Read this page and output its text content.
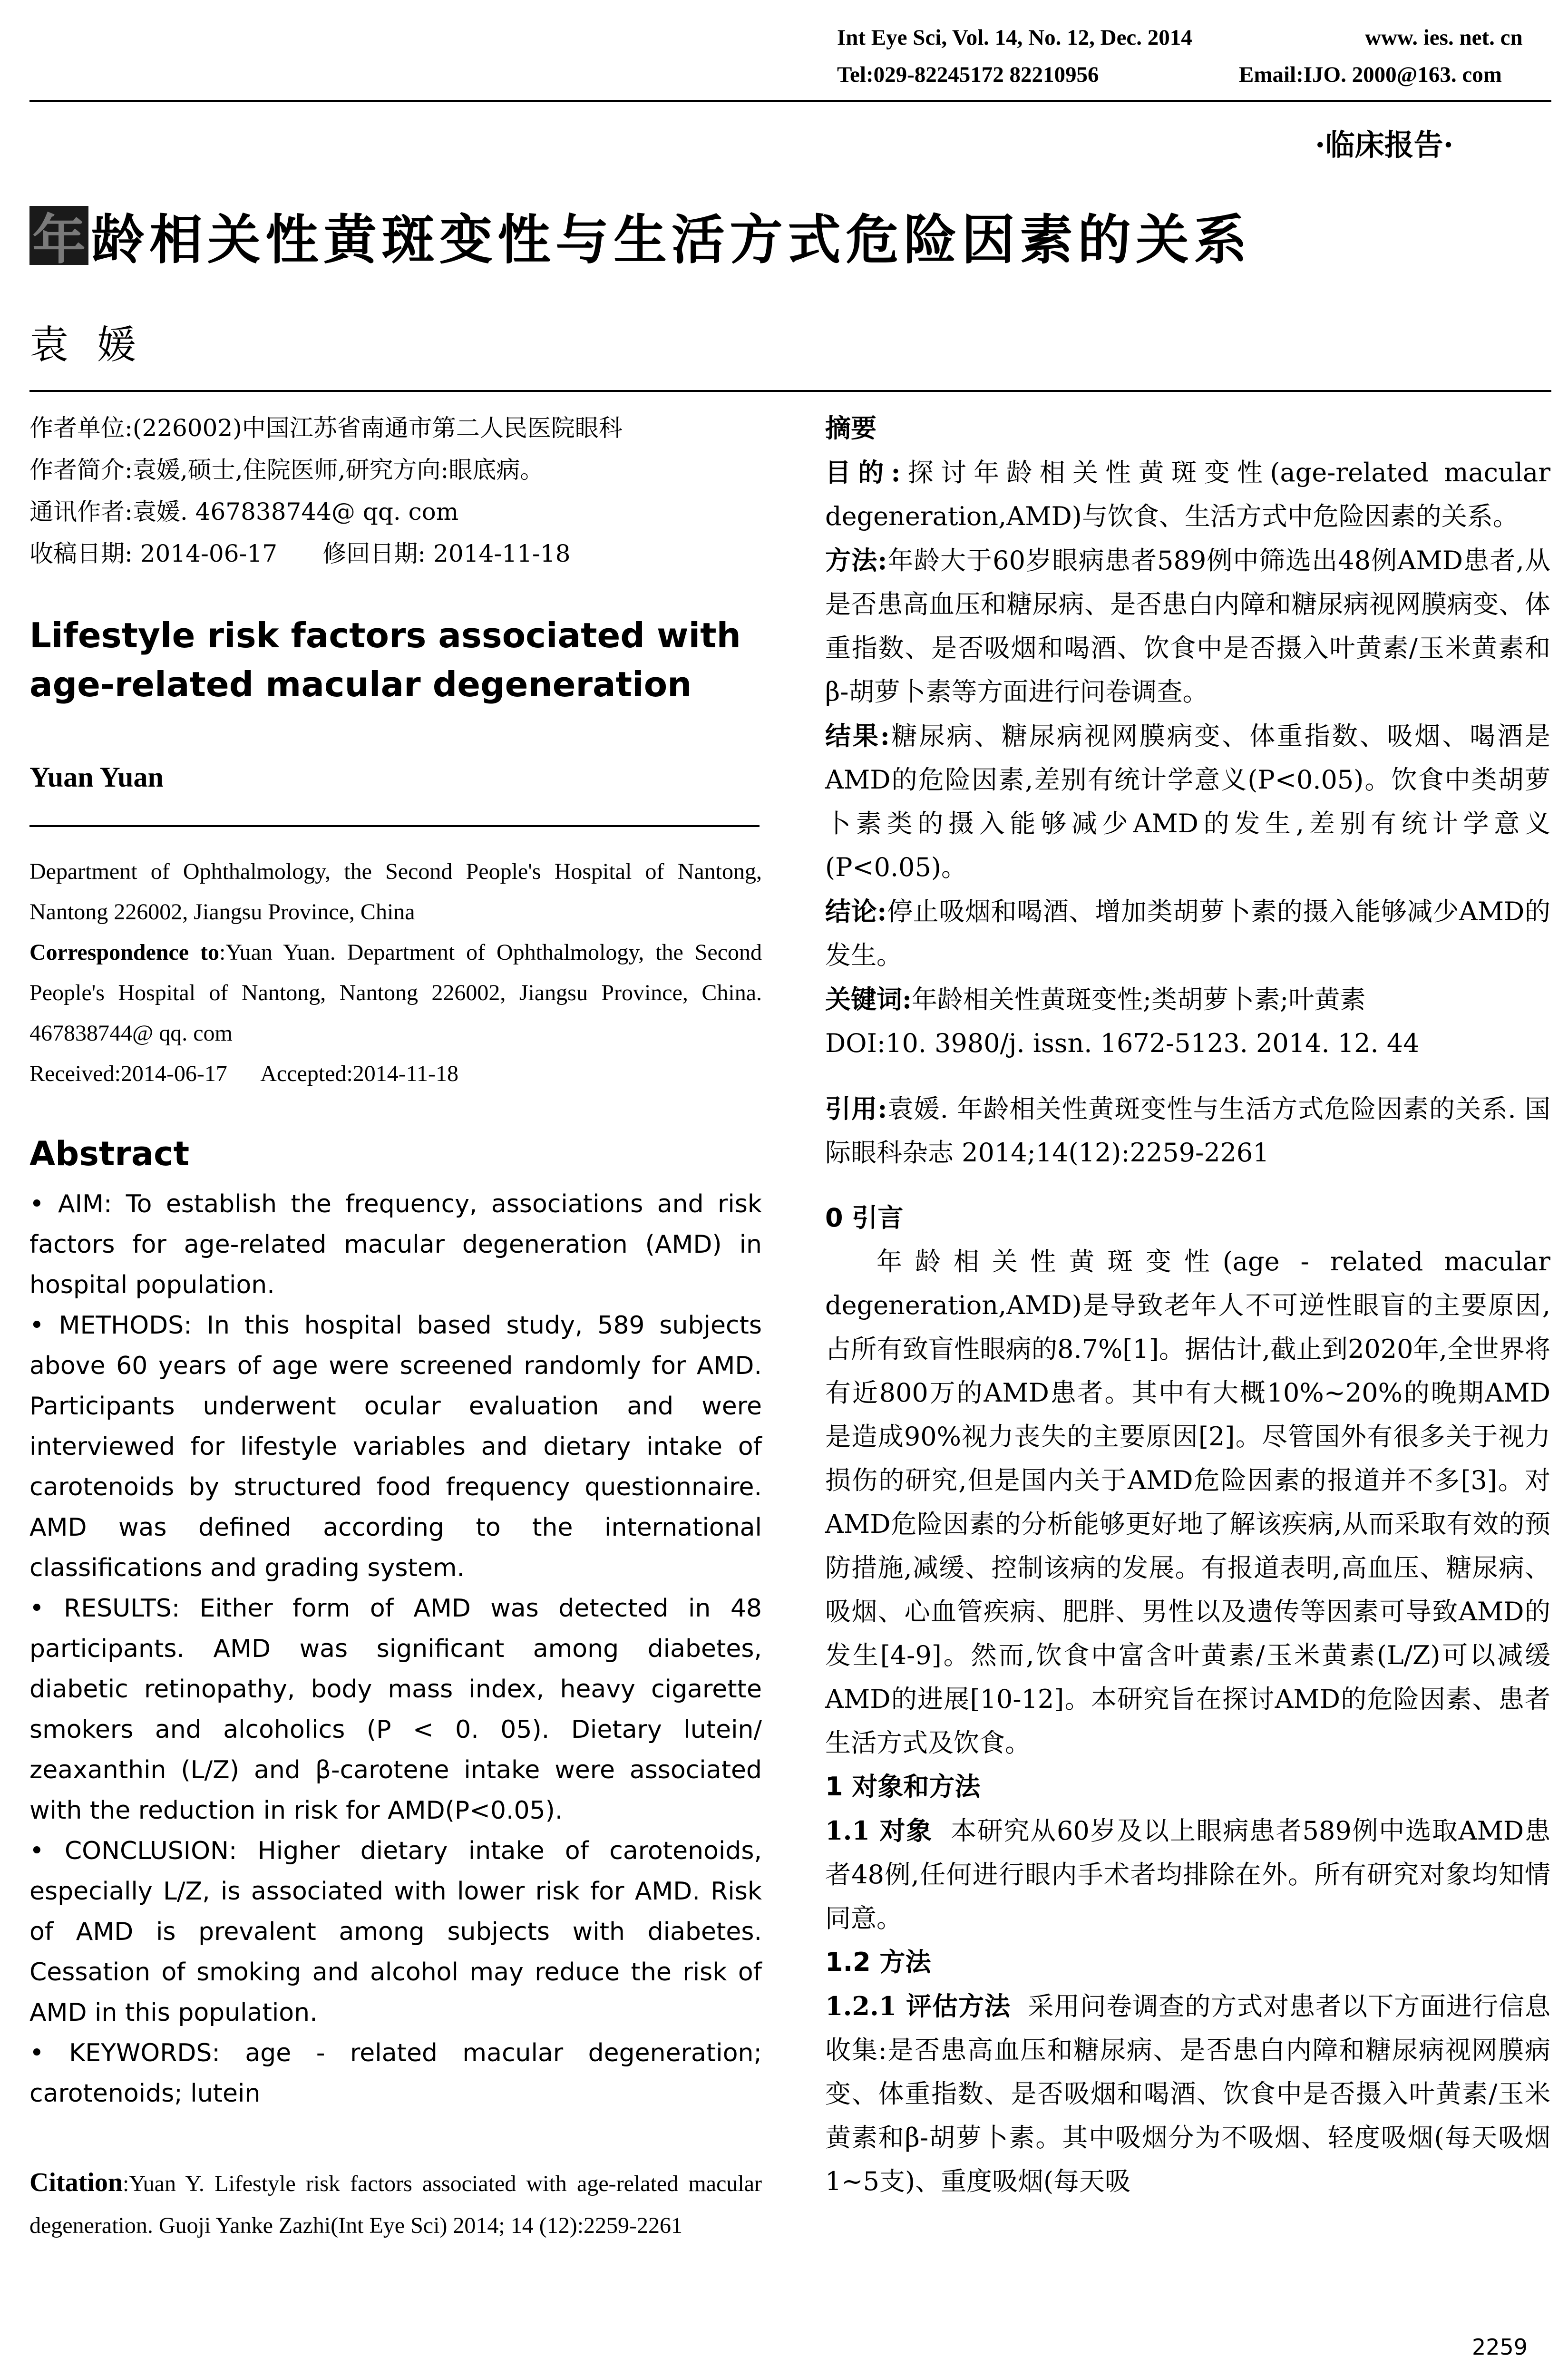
Int Eye Sci, Vol. 14, No. 12, Dec. 2014	www. ies. net. cn
Tel:029-82245172 82210956	Email:IJO. 2000@163. com
·临床报告·
年 龄相关性黄斑变性与生活方式危险因素的关系
袁媛
作者单位:(226002)中国江苏省南通市第二人民医院眼科
作者简介:袁媛,硕士,住院医师,研究方向:眼底病。
通讯作者:袁媛. 467838744@ qq. com
收稿日期: 2014-06-17      修回日期: 2014-11-18
Lifestyle risk factors associated with age-related macular degeneration
Yuan Yuan
Department of Ophthalmology, the Second People's Hospital of Nantong, Nantong 226002, Jiangsu Province, China
Correspondence to:Yuan Yuan. Department of Ophthalmology, the Second People's Hospital of Nantong, Nantong 226002, Jiangsu Province, China. 467838744@ qq. com
Received:2014-06-17      Accepted:2014-11-18
Abstract

• AIM: To establish the frequency, associations and risk factors for age-related macular degeneration (AMD) in hospital population.

• METHODS: In this hospital based study, 589 subjects above 60 years of age were screened randomly for AMD. Participants underwent ocular evaluation and were interviewed for lifestyle variables and dietary intake of carotenoids by structured food frequency questionnaire. AMD was defined according to the international classifications and grading system.

• RESULTS: Either form of AMD was detected in 48 participants. AMD was significant among diabetes, diabetic retinopathy, body mass index, heavy cigarette smokers and alcoholics (P < 0. 05). Dietary lutein/ zeaxanthin (L/Z) and β-carotene intake were associated with the reduction in risk for AMD(P<0.05).

• CONCLUSION: Higher dietary intake of carotenoids, especially L/Z, is associated with lower risk for AMD. Risk of AMD is prevalent among subjects with diabetes. Cessation of smoking and alcohol may reduce the risk of AMD in this population.

• KEYWORDS: age - related macular degeneration; carotenoids; lutein

Citation:Yuan Y. Lifestyle risk factors associated with age-related macular degeneration. Guoji Yanke Zazhi(Int Eye Sci) 2014; 14 (12):2259-2261

摘要

目的:探讨年龄相关性黄斑变性(age-related macular degeneration,AMD)与饮食、生活方式中危险因素的关系。

方法:年龄大于60岁眼病患者589例中筛选出48例AMD患者,从是否患高血压和糖尿病、是否患白内障和糖尿病视网膜病变、体重指数、是否吸烟和喝酒、饮食中是否摄入叶黄素/玉米黄素和β-胡萝卜素等方面进行问卷调查。

结果:糖尿病、糖尿病视网膜病变、体重指数、吸烟、喝酒是AMD的危险因素,差别有统计学意义(P<0.05)。饮食中类胡萝卜素类的摄入能够减少AMD的发生,差别有统计学意义(P<0.05)。

结论:停止吸烟和喝酒、增加类胡萝卜素的摄入能够减少AMD的发生。

关键词:年龄相关性黄斑变性;类胡萝卜素;叶黄素

DOI:10. 3980/j. issn. 1672-5123. 2014. 12. 44

引用:袁媛. 年龄相关性黄斑变性与生活方式危险因素的关系. 国际眼科杂志 2014;14(12):2259-2261

0 引言

年龄相关性黄斑变性(age - related macular degeneration,AMD)是导致老年人不可逆性眼盲的主要原因,占所有致盲性眼病的8.7%[1]。据估计,截止到2020年,全世界将有近800万的AMD患者。其中有大概10%~20%的晚期AMD是造成90%视力丧失的主要原因[2]。尽管国外有很多关于视力损伤的研究,但是国内关于AMD危险因素的报道并不多[3]。对AMD危险因素的分析能够更好地了解该疾病,从而采取有效的预防措施,减缓、控制该病的发展。有报道表明,高血压、糖尿病、吸烟、心血管疾病、肥胖、男性以及遗传等因素可导致AMD的发生[4-9]。然而,饮食中富含叶黄素/玉米黄素(L/Z)可以减缓AMD的进展[10-12]。本研究旨在探讨AMD的危险因素、患者生活方式及饮食。

1 对象和方法

1.1 对象 本研究从60岁及以上眼病患者589例中选取AMD患者48例,任何进行眼内手术者均排除在外。所有研究对象均知情同意。

1.2 方法

1.2.1 评估方法 采用问卷调查的方式对患者以下方面进行信息收集:是否患高血压和糖尿病、是否患白内障和糖尿病视网膜病变、体重指数、是否吸烟和喝酒、饮食中是否摄入叶黄素/玉米黄素和β-胡萝卜素。其中吸烟分为不吸烟、轻度吸烟(每天吸烟1~5支)、重度吸烟(每天吸

2259
